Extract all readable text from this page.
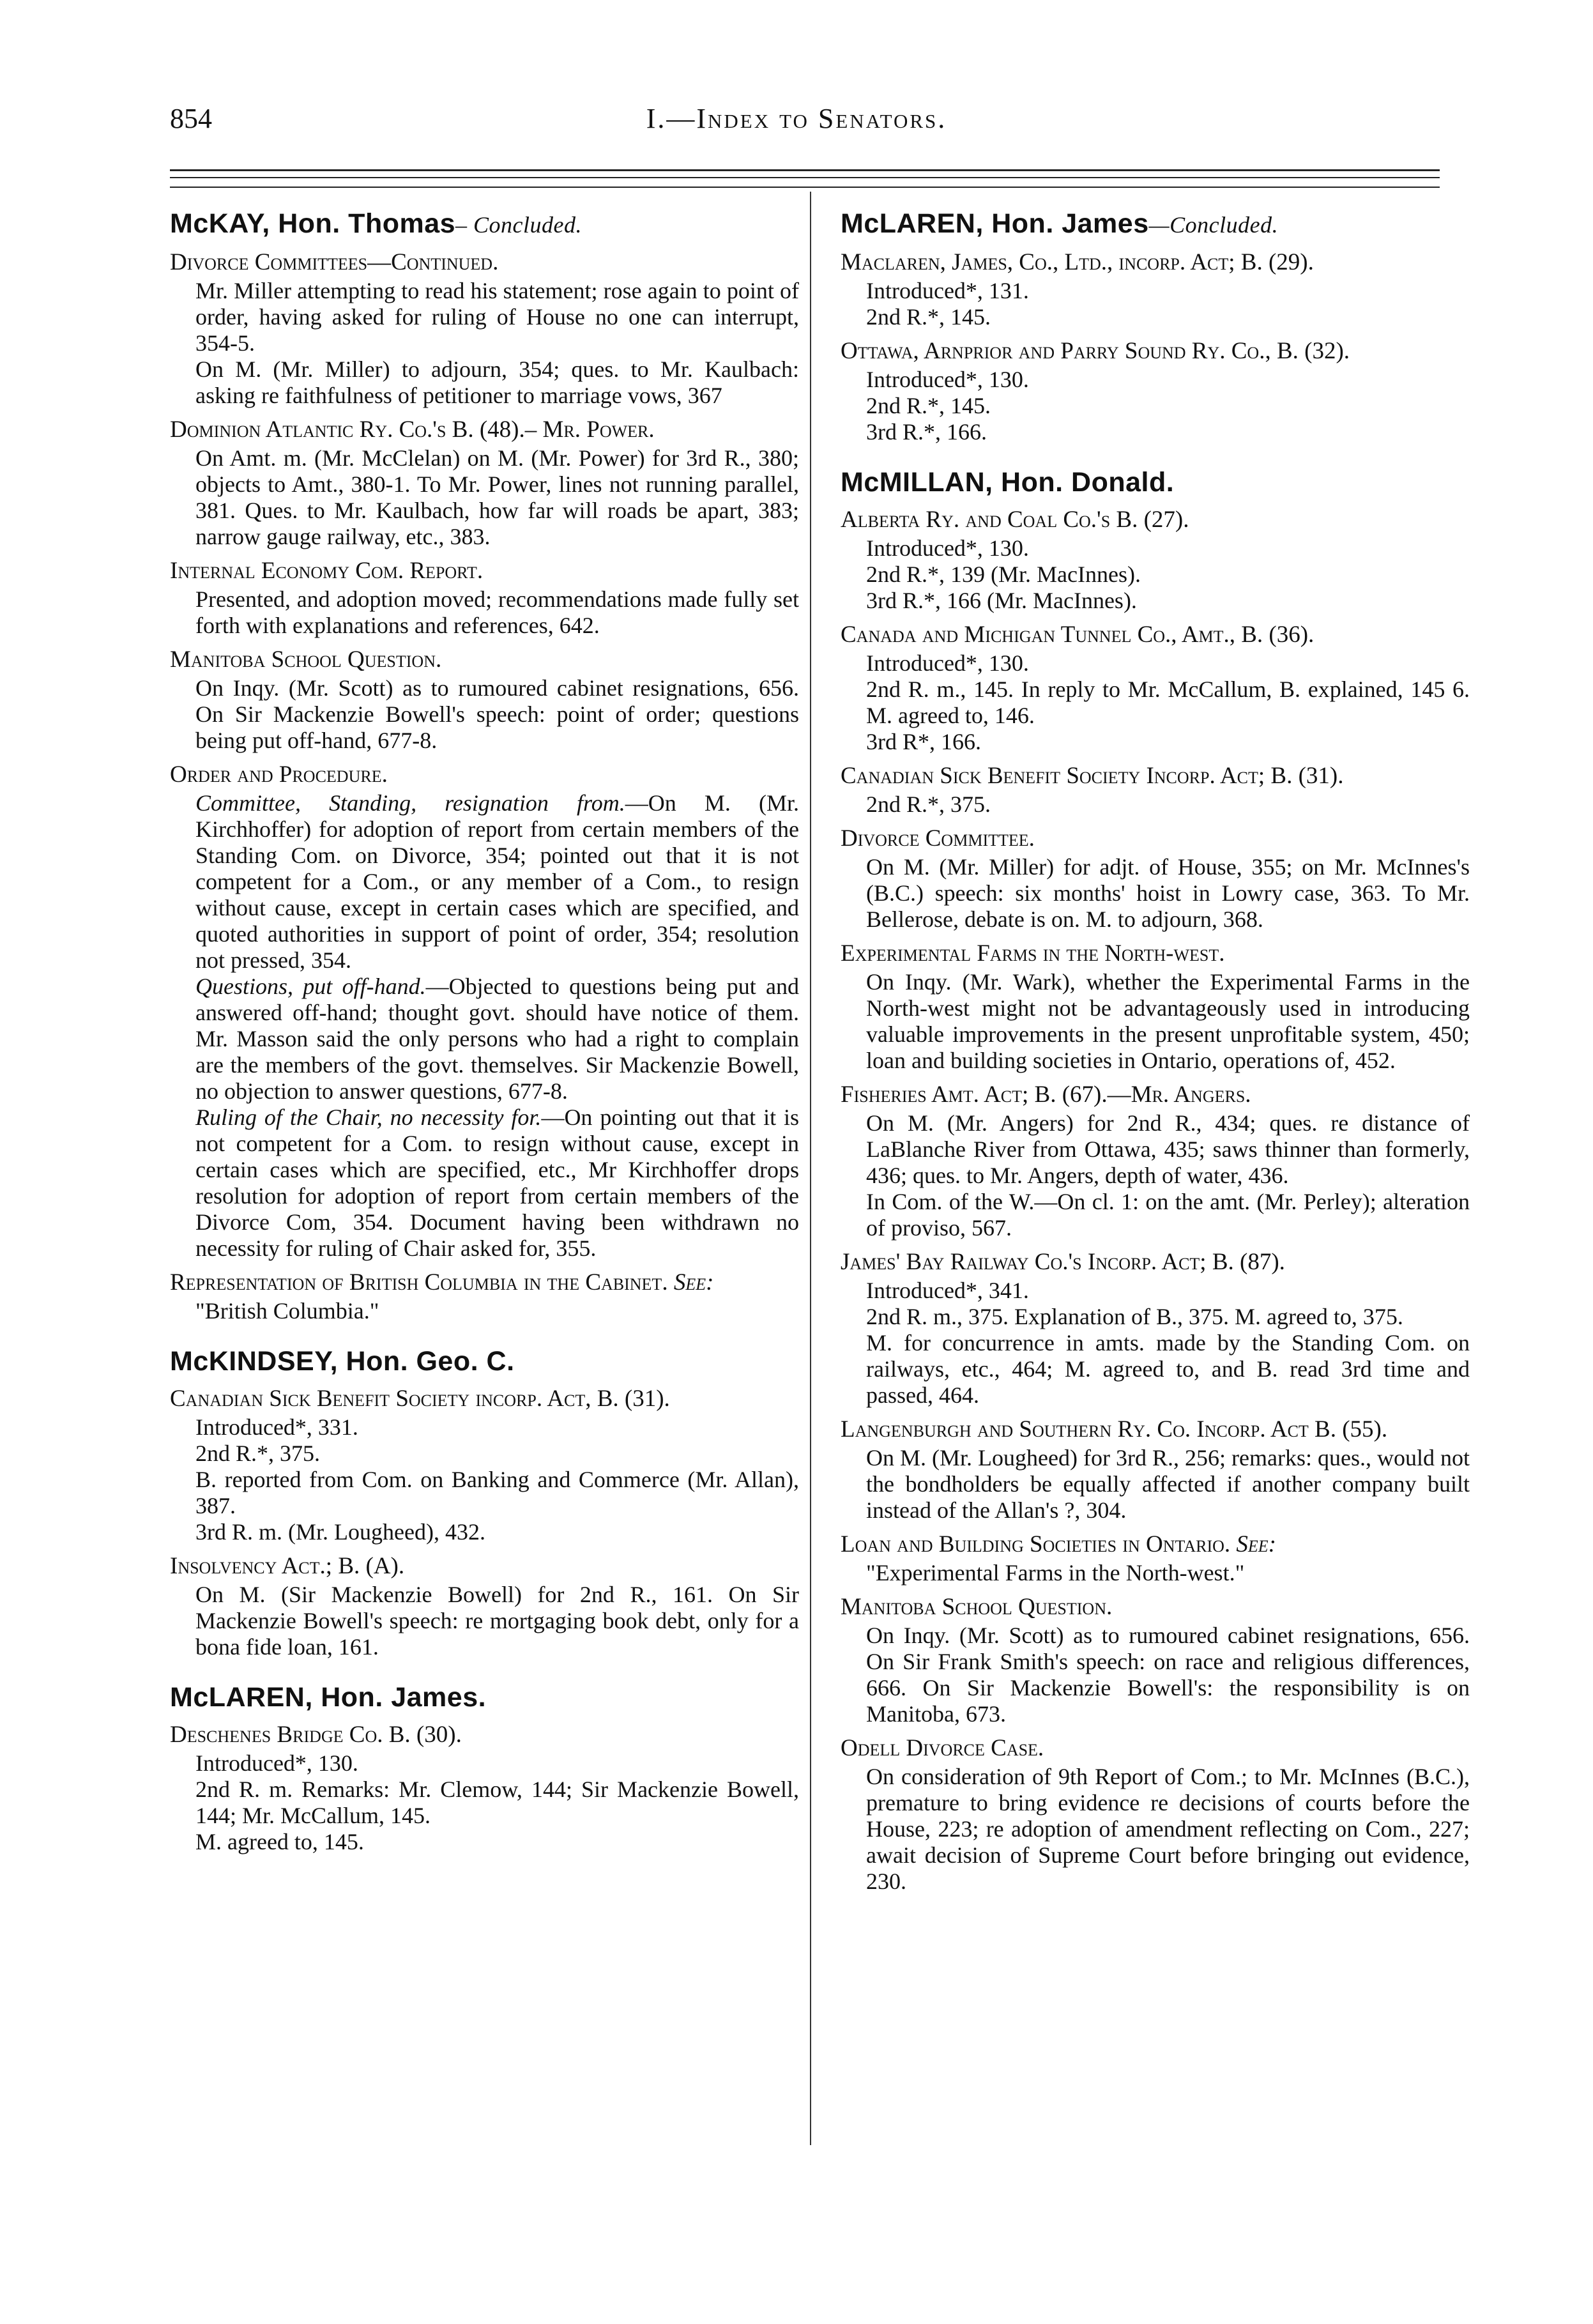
854	I.—Index to Senators.
McKAY, Hon. Thomas– Concluded.
Divorce Committees—Continued.
Mr. Miller attempting to read his statement; rose again to point of order, having asked for ruling of House no one can interrupt, 354-5.
On M. (Mr. Miller) to adjourn, 354; ques. to Mr. Kaulbach: asking re faithfulness of petitioner to marriage vows, 367
Dominion Atlantic Ry. Co.'s B. (48).– Mr. Power.
On Amt. m. (Mr. McClelan) on M. (Mr. Power) for 3rd R., 380; objects to Amt., 380-1. To Mr. Power, lines not running parallel, 381. Ques. to Mr. Kaulbach, how far will roads be apart, 383; narrow gauge railway, etc., 383.
Internal Economy Com. Report.
Presented, and adoption moved; recommendations made fully set forth with explanations and references, 642.
Manitoba School Question.
On Inqy. (Mr. Scott) as to rumoured cabinet resignations, 656. On Sir Mackenzie Bowell's speech: point of order; questions being put off-hand, 677-8.
Order and Procedure.
Committee, Standing, resignation from.—On M. (Mr. Kirchhoffer) for adoption of report from certain members of the Standing Com. on Divorce, 354; pointed out that it is not competent for a Com., or any member of a Com., to resign without cause, except in certain cases which are specified, and quoted authorities in support of point of order, 354; resolution not pressed, 354.
Questions, put off-hand.—Objected to questions being put and answered off-hand; thought govt. should have notice of them. Mr. Masson said the only persons who had a right to complain are the members of the govt. themselves. Sir Mackenzie Bowell, no objection to answer questions, 677-8.
Ruling of the Chair, no necessity for.—On pointing out that it is not competent for a Com. to resign without cause, except in certain cases which are specified, etc., Mr Kirchhoffer drops resolution for adoption of report from certain members of the Divorce Com, 354. Document having been withdrawn no necessity for ruling of Chair asked for, 355.
Representation of British Columbia in the Cabinet. See:
"British Columbia."
McKINDSEY, Hon. Geo. C.
Canadian Sick Benefit Society incorp. Act, B. (31).
Introduced*, 331.
2nd R.*, 375.
B. reported from Com. on Banking and Commerce (Mr. Allan), 387.
3rd R. m. (Mr. Lougheed), 432.
Insolvency Act.; B. (A).
On M. (Sir Mackenzie Bowell) for 2nd R., 161. On Sir Mackenzie Bowell's speech: re mortgaging book debt, only for a bona fide loan, 161.
McLAREN, Hon. James.
Deschenes Bridge Co. B. (30).
Introduced*, 130.
2nd R. m. Remarks: Mr. Clemow, 144; Sir Mackenzie Bowell, 144; Mr. McCallum, 145.
M. agreed to, 145.
McLAREN, Hon. James—Concluded.
Maclaren, James, Co., Ltd., incorp. Act; B. (29).
Introduced*, 131.
2nd R.*, 145.
Ottawa, Arnprior and Parry Sound Ry. Co., B. (32).
Introduced*, 130.
2nd R.*, 145.
3rd R.*, 166.
McMILLAN, Hon. Donald.
Alberta Ry. and Coal Co.'s B. (27).
Introduced*, 130.
2nd R.*, 139 (Mr. MacInnes).
3rd R.*, 166 (Mr. MacInnes).
Canada and Michigan Tunnel Co., Amt., B. (36).
Introduced*, 130.
2nd R. m., 145. In reply to Mr. McCallum, B. explained, 145 6. M. agreed to, 146.
3rd R*, 166.
Canadian Sick Benefit Society Incorp. Act; B. (31).
2nd R.*, 375.
Divorce Committee.
On M. (Mr. Miller) for adjt. of House, 355; on Mr. McInnes's (B.C.) speech: six months' hoist in Lowry case, 363. To Mr. Bellerose, debate is on. M. to adjourn, 368.
Experimental Farms in the North-west.
On Inqy. (Mr. Wark), whether the Experimental Farms in the North-west might not be advantageously used in introducing valuable improvements in the present unprofitable system, 450; loan and building societies in Ontario, operations of, 452.
Fisheries Amt. Act; B. (67).—Mr. Angers.
On M. (Mr. Angers) for 2nd R., 434; ques. re distance of LaBlanche River from Ottawa, 435; saws thinner than formerly, 436; ques. to Mr. Angers, depth of water, 436.
In Com. of the W.—On cl. 1: on the amt. (Mr. Perley); alteration of proviso, 567.
James' Bay Railway Co.'s Incorp. Act; B. (87).
Introduced*, 341.
2nd R. m., 375. Explanation of B., 375. M. agreed to, 375.
M. for concurrence in amts. made by the Standing Com. on railways, etc., 464; M. agreed to, and B. read 3rd time and passed, 464.
Langenburgh and Southern Ry. Co. Incorp. Act B. (55).
On M. (Mr. Lougheed) for 3rd R., 256; remarks: ques., would not the bondholders be equally affected if another company built instead of the Allan's ?, 304.
Loan and Building Societies in Ontario. See:
"Experimental Farms in the North-west."
Manitoba School Question.
On Inqy. (Mr. Scott) as to rumoured cabinet resignations, 656. On Sir Frank Smith's speech: on race and religious differences, 666. On Sir Mackenzie Bowell's: the responsibility is on Manitoba, 673.
Odell Divorce Case.
On consideration of 9th Report of Com.; to Mr. McInnes (B.C.), premature to bring evidence re decisions of courts before the House, 223; re adoption of amendment reflecting on Com., 227; await decision of Supreme Court before bringing out evidence, 230.
